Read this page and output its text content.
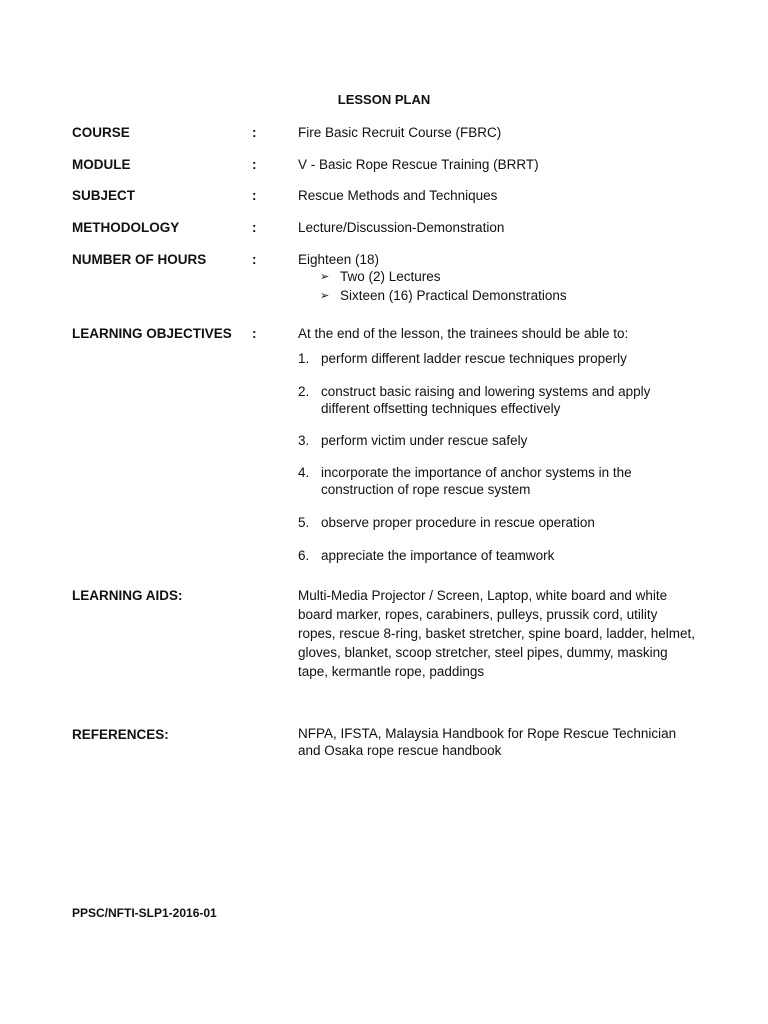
LESSON PLAN
COURSE	:	Fire Basic Recruit Course (FBRC)
MODULE	:	V - Basic Rope Rescue Training (BRRT)
SUBJECT	:	Rescue Methods and Techniques
METHODOLOGY	:	Lecture/Discussion-Demonstration
NUMBER OF HOURS	:	Eighteen (18)
➢ Two (2) Lectures
➢ Sixteen (16) Practical Demonstrations
LEARNING OBJECTIVES :	At the end of the lesson, the trainees should be able to:
1. perform different ladder rescue techniques properly
2. construct basic raising and lowering systems and apply different offsetting techniques effectively
3. perform victim under rescue safely
4. incorporate the importance of anchor systems in the construction of rope rescue system
5. observe proper procedure in rescue operation
6. appreciate the importance of teamwork
LEARNING AIDS:	Multi-Media Projector / Screen, Laptop, white board and white board marker, ropes, carabiners, pulleys, prussik cord, utility ropes, rescue 8-ring, basket stretcher, spine board, ladder, helmet, gloves, blanket, scoop stretcher, steel pipes, dummy, masking tape, kermantle rope, paddings
REFERENCES:	NFPA, IFSTA, Malaysia Handbook for Rope Rescue Technician and Osaka rope rescue handbook
PPSC/NFTI-SLP1-2016-01
